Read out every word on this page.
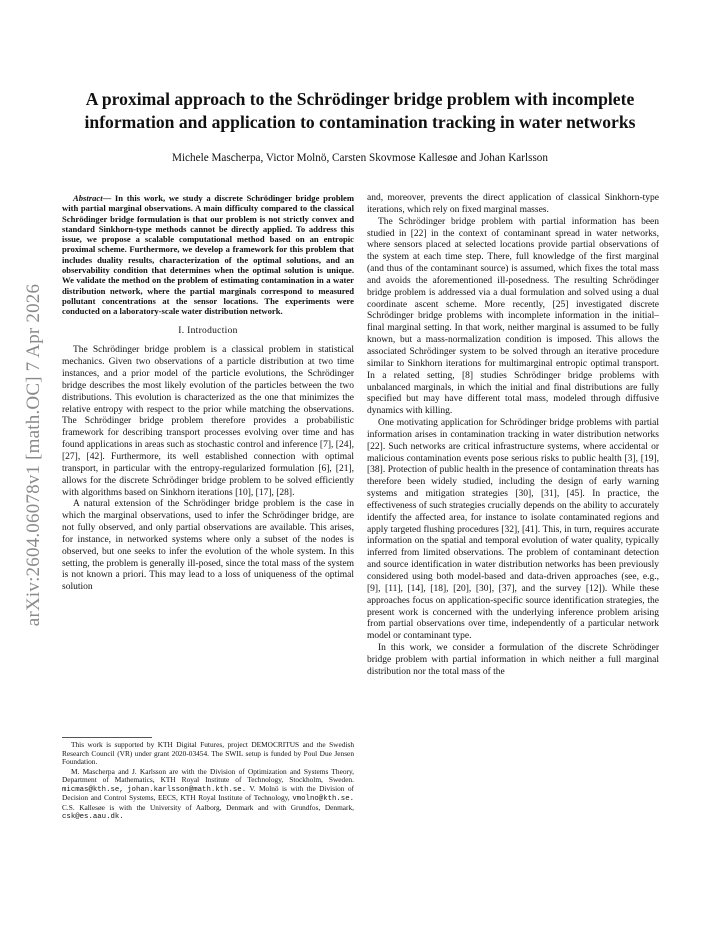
arXiv:2604.06078v1 [math.OC] 7 Apr 2026
A proximal approach to the Schrödinger bridge problem with incomplete information and application to contamination tracking in water networks
Michele Mascherpa, Victor Molnö, Carsten Skovmose Kallesøe and Johan Karlsson

Abstract— In this work, we study a discrete Schrödinger bridge problem with partial marginal observations. A main difficulty compared to the classical Schrödinger bridge formulation is that our problem is not strictly convex and standard Sinkhorn-type methods cannot be directly applied. To address this issue, we propose a scalable computational method based on an entropic proximal scheme. Furthermore, we develop a framework for this problem that includes duality results, characterization of the optimal solutions, and an observability condition that determines when the optimal solution is unique. We validate the method on the problem of estimating contamination in a water distribution network, where the partial marginals correspond to measured pollutant concentrations at the sensor locations. The experiments were conducted on a laboratory-scale water distribution network.

I. Introduction

The Schrödinger bridge problem is a classical problem in statistical mechanics. Given two observations of a particle distribution at two time instances, and a prior model of the particle evolutions, the Schrödinger bridge describes the most likely evolution of the particles between the two distributions. This evolution is characterized as the one that minimizes the relative entropy with respect to the prior while matching the observations. The Schrödinger bridge problem therefore provides a probabilistic framework for describing transport processes evolving over time and has found applications in areas such as stochastic control and inference [7], [24], [27], [42]. Furthermore, its well established connection with optimal transport, in particular with the entropy-regularized formulation [6], [21], allows for the discrete Schrödinger bridge problem to be solved efficiently with algorithms based on Sinkhorn iterations [10], [17], [28].

A natural extension of the Schrödinger bridge problem is the case in which the marginal observations, used to infer the Schrödinger bridge, are not fully observed, and only partial observations are available. This arises, for instance, in networked systems where only a subset of the nodes is observed, but one seeks to infer the evolution of the whole system. In this setting, the problem is generally ill-posed, since the total mass of the system is not known a priori. This may lead to a loss of uniqueness of the optimal solution

This work is supported by KTH Digital Futures, project DEMOCRITUS and the Swedish Research Council (VR) under grant 2020-03454. The SWIL setup is funded by Poul Due Jensen Foundation.

M. Mascherpa and J. Karlsson are with the Division of Optimization and Systems Theory, Department of Mathematics, KTH Royal Institute of Technology, Stockholm, Sweden. micmas@kth.se, johan.karlsson@math.kth.se. V. Molnö is with the Division of Decision and Control Systems, EECS, KTH Royal Institute of Technology, vmolno@kth.se. C.S. Kallesøe is with the University of Aalborg, Denmark and with Grundfos, Denmark, csk@es.aau.dk.

and, moreover, prevents the direct application of classical Sinkhorn-type iterations, which rely on fixed marginal masses.

The Schrödinger bridge problem with partial information has been studied in [22] in the context of contaminant spread in water networks, where sensors placed at selected locations provide partial observations of the system at each time step. There, full knowledge of the first marginal (and thus of the contaminant source) is assumed, which fixes the total mass and avoids the aforementioned ill-posedness. The resulting Schrödinger bridge problem is addressed via a dual formulation and solved using a dual coordinate ascent scheme. More recently, [25] investigated discrete Schrödinger bridge problems with incomplete information in the initial–final marginal setting. In that work, neither marginal is assumed to be fully known, but a mass-normalization condition is imposed. This allows the associated Schrödinger system to be solved through an iterative procedure similar to Sinkhorn iterations for multimarginal entropic optimal transport. In a related setting, [8] studies Schrödinger bridge problems with unbalanced marginals, in which the initial and final distributions are fully specified but may have different total mass, modeled through diffusive dynamics with killing.

One motivating application for Schrödinger bridge problems with partial information arises in contamination tracking in water distribution networks [22]. Such networks are critical infrastructure systems, where accidental or malicious contamination events pose serious risks to public health [3], [19], [38]. Protection of public health in the presence of contamination threats has therefore been widely studied, including the design of early warning systems and mitigation strategies [30], [31], [45]. In practice, the effectiveness of such strategies crucially depends on the ability to accurately identify the affected area, for instance to isolate contaminated regions and apply targeted flushing procedures [32], [41]. This, in turn, requires accurate information on the spatial and temporal evolution of water quality, typically inferred from limited observations. The problem of contaminant detection and source identification in water distribution networks has been previously considered using both model-based and data-driven approaches (see, e.g., [9], [11], [14], [18], [20], [30], [37], and the survey [12]). While these approaches focus on application-specific source identification strategies, the present work is concerned with the underlying inference problem arising from partial observations over time, independently of a particular network model or contaminant type.

In this work, we consider a formulation of the discrete Schrödinger bridge problem with partial information in which neither a full marginal distribution nor the total mass of the
